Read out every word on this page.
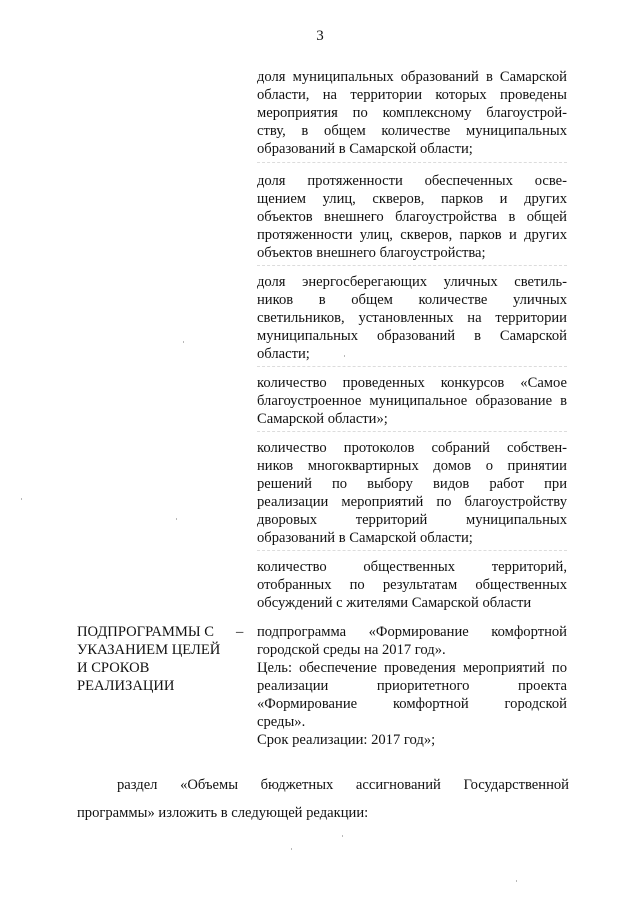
3

доля муниципальных образований в Самарской
области, на территории которых проведены
мероприятия по комплексному благоустрой-
ству, в общем количестве муниципальных
образований в Самарской области;

доля протяженности обеспеченных осве-
щением улиц, скверов, парков и других
объектов внешнего благоустройства в общей
протяженности улиц, скверов, парков и других
объектов внешнего благоустройства;

доля энергосберегающих уличных светиль-
ников в общем количестве уличных
светильников, установленных на территории
муниципальных образований в Самарской
области;

количество проведенных конкурсов «Самое
благоустроенное муниципальное образование в
Самарской области»;

количество протоколов собраний собствен-
ников многоквартирных домов о принятии
решений по выбору видов работ при
реализации мероприятий по благоустройству
дворовых территорий муниципальных
образований в Самарской области;

количество общественных территорий,
отобранных по результатам общественных
обсуждений с жителями Самарской области

ПОДПРОГРАММЫ С
УКАЗАНИЕМ ЦЕЛЕЙ
И СРОКОВ
РЕАЛИЗАЦИИ
– подпрограмма «Формирование комфортной
городской среды на 2017 год».

Цель: обеспечение проведения мероприятий по
реализации приоритетного проекта
«Формирование комфортной городской
среды».

Срок реализации: 2017 год»;

раздел «Объемы бюджетных ассигнований Государственной
программы» изложить в следующей редакции:
